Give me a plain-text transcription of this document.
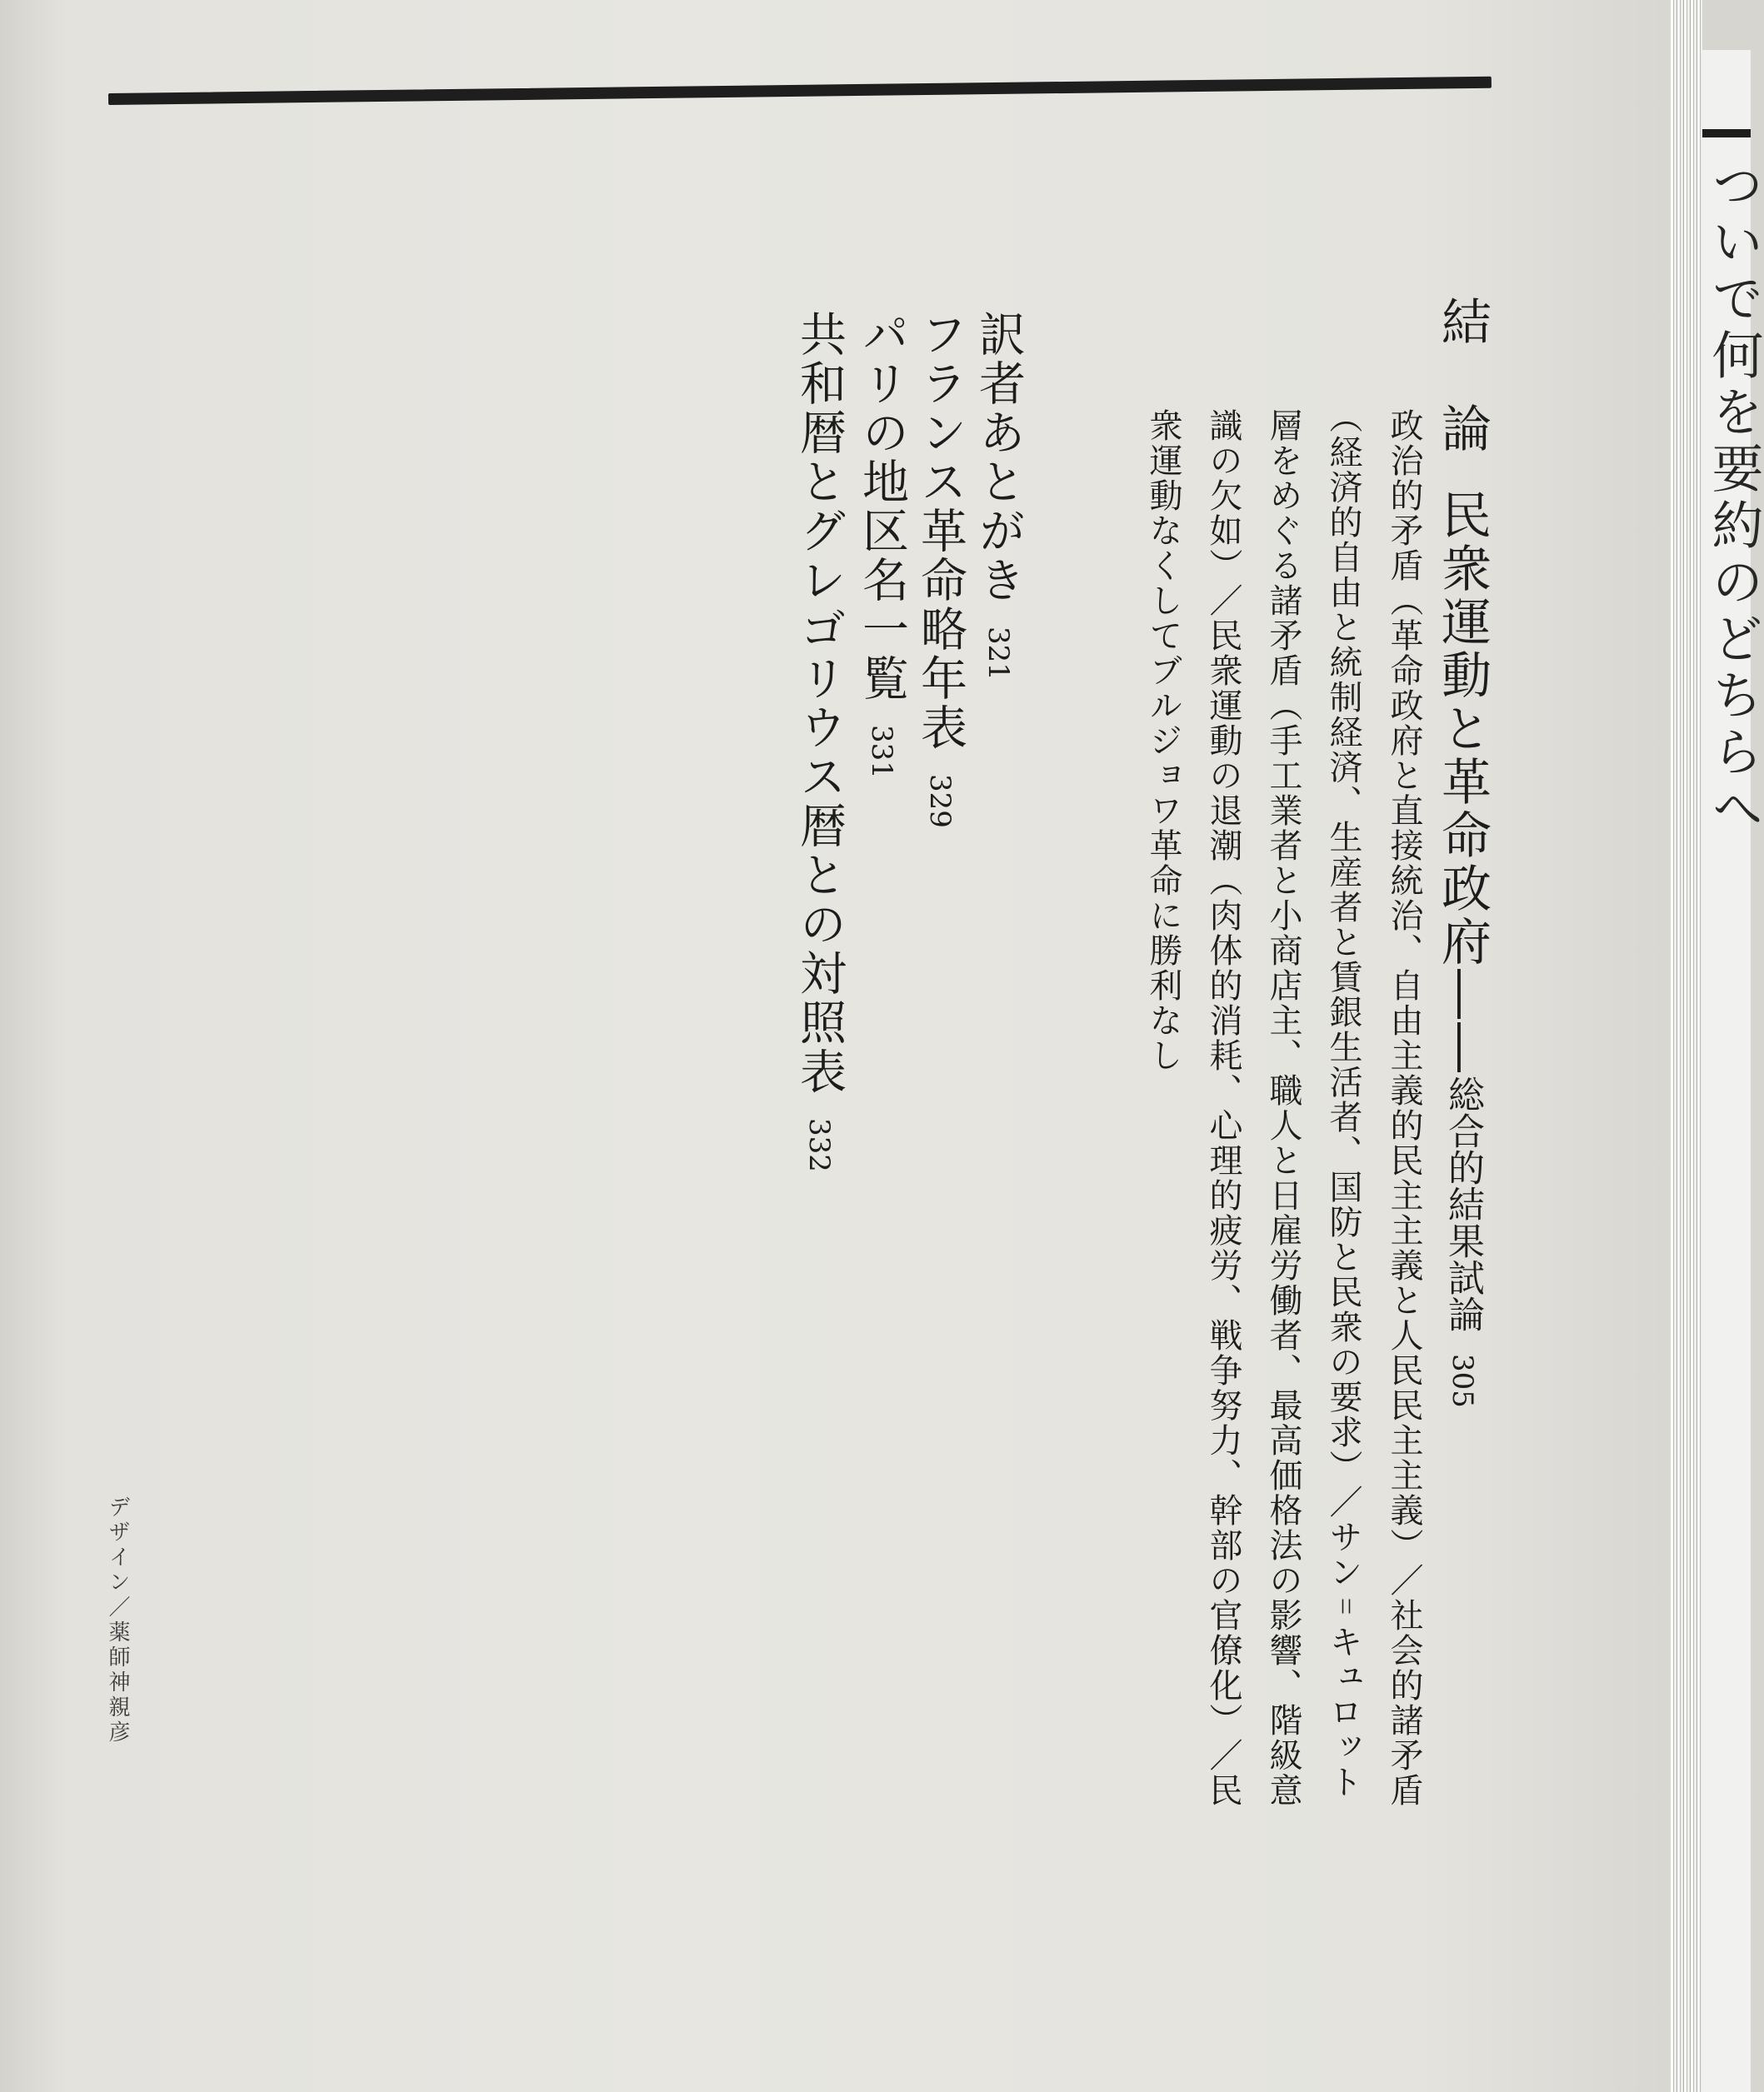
結　論民衆運動と革命政府――総合的結果試論305
政治的矛盾（革命政府と直接統治、自由主義的民主主義と人民民主主義）／社会的諸矛盾
（経済的自由と統制経済、生産者と賃銀生活者、国防と民衆の要求）／サン゠キュロット
層をめぐる諸矛盾（手工業者と小商店主、職人と日雇労働者、最高価格法の影響、階級意
識の欠如）／民衆運動の退潮（肉体的消耗、心理的疲労、戦争努力、幹部の官僚化）／民
衆運動なくしてブルジョワ革命に勝利なし
訳者あとがき321
フランス革命略年表329
パリの地区名一覧331
共和暦とグレゴリウス暦との対照表332
デザイン／薬師神親彦
ついで何を要約のどちらへ
